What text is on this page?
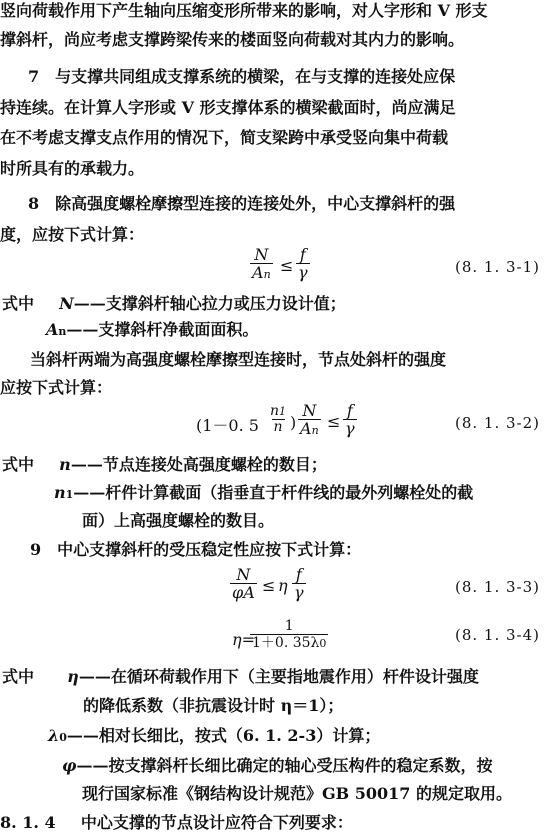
竖向荷载作用下产生轴向压缩变形所带来的影响，对人字形和 V 形支
撑斜杆，尚应考虑支撑跨梁传来的楼面竖向荷载对其内力的影响。
7　与支撑共同组成支撑系统的横梁，在与支撑的连接处应保
持连续。在计算人字形或 V 形支撑体系的横梁截面时，尚应满足
在不考虑支撑支点作用的情况下，简支梁跨中承受竖向集中荷载
时所具有的承载力。
8　除高强度螺栓摩擦型连接的连接处外，中心支撑斜杆的强
度，应按下式计算：
$\frac{N}{An} \le \frac{f}{\gamma}$	(8. 1. 3-1)
式中 N——支撑斜杆轴心拉力或压力设计值；
An——支撑斜杆净截面面积。
当斜杆两端为高强度螺栓摩擦型连接时，节点处斜杆的强度
应按下式计算：
(1－0. $5 \frac{n1}{n}$ ) $\frac{N}{An} \le \frac{f}{\gamma}$	(8. 1. 3-2)
式中 n——节点连接处高强度螺栓的数目；
n1——杆件计算截面（指垂直于杆件线的最外列螺栓处的截
面）上高强度螺栓的数目。
9　中心支撑斜杆的受压稳定性应按下式计算：
$\frac{N}{\varphi A} \le \eta \frac{f}{\gamma}$	(8. 1. 3-3)
η=
$\frac{1}{1+0. 35\lambda 0}$	(8. 1. 3-4)
式中 η——在循环荷载作用下（主要指地震作用）杆件设计强度
的降低系数（非抗震设计时 η＝1）；
λ0——相对长细比，按式（6. 1. 2-3）计算；
φ——按支撑斜杆长细比确定的轴心受压构件的稳定系数，按
现行国家标准《钢结构设计规范》GB 50017 的规定取用。
8. 1. 4 中心支撑的节点设计应符合下列要求：
